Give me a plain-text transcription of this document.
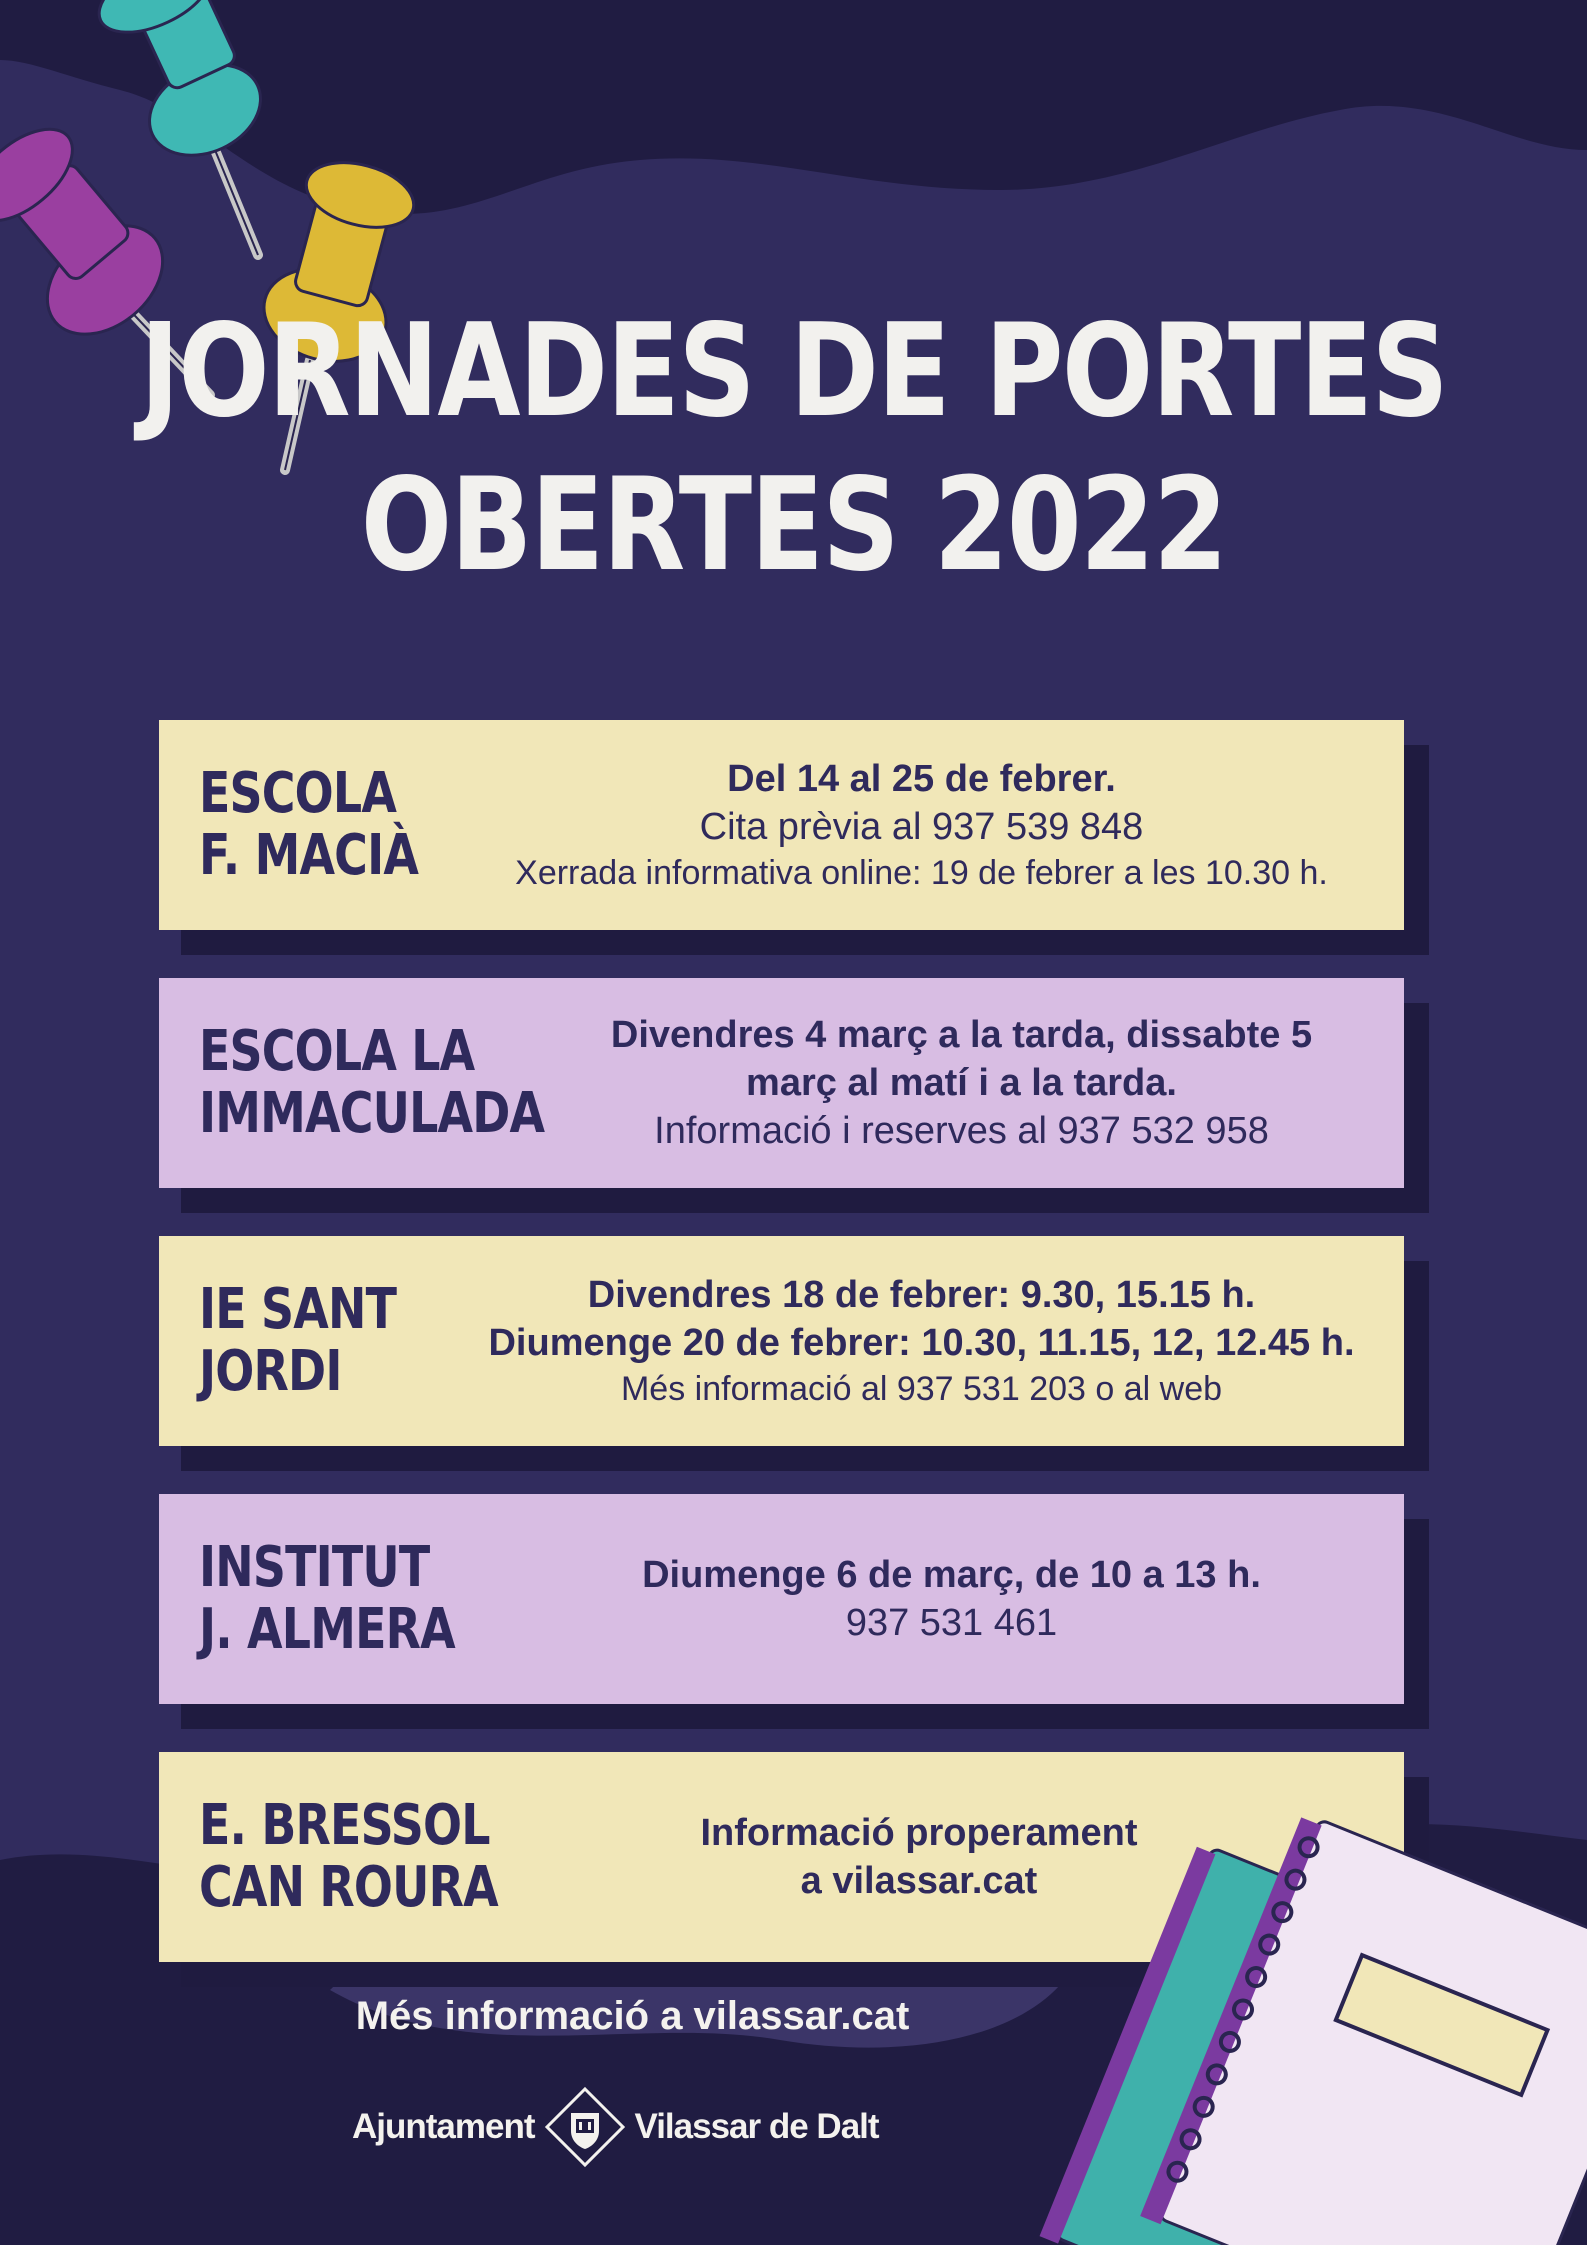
JORNADES DE PORTES
OBERTES 2022
ESCOLA
F. MACIÀ
Del 14 al 25 de febrer.
Cita prèvia al 937 539 848
Xerrada informativa online: 19 de febrer a les 10.30 h.
ESCOLA LA
IMMACULADA
Divendres 4 març a la tarda, dissabte 5
març al matí i a la tarda.
Informació i reserves al 937 532 958
IE SANT
JORDI
Divendres 18 de febrer: 9.30, 15.15 h.
Diumenge 20 de febrer: 10.30, 11.15, 12, 12.45 h.
Més informació al 937 531 203 o al web
INSTITUT
J. ALMERA
Diumenge 6 de març, de 10 a 13 h.
937 531 461
E. BRESSOL
CAN ROURA
Informació properament
a vilassar.cat
Més informació a vilassar.cat
Ajuntament	Vilassar de Dalt
